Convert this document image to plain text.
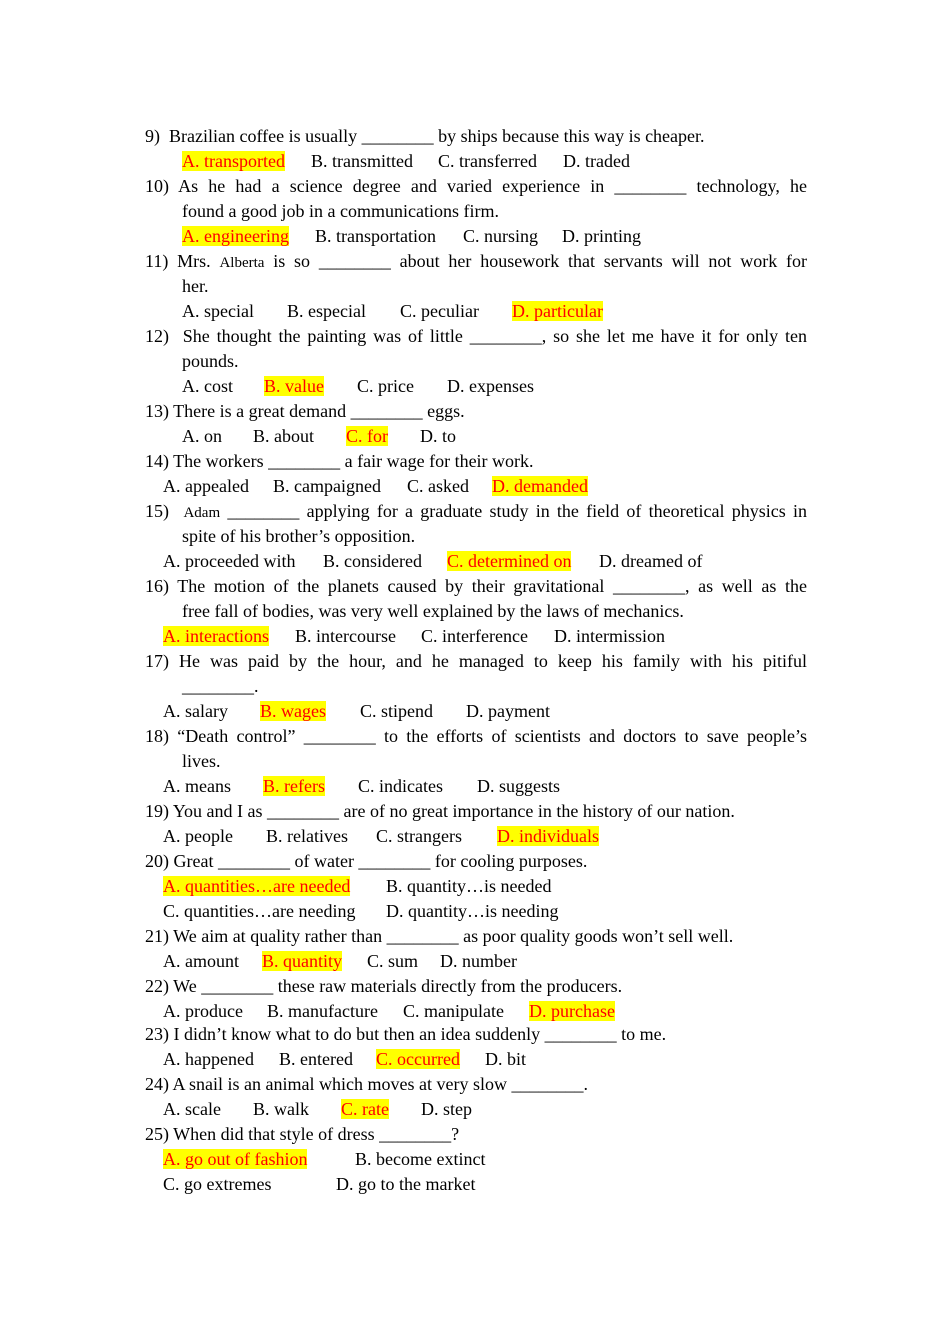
9)  Brazilian coffee is usually ________ by ships because this way is cheaper.
A. transported B. transmitted C. transferred D. traded
10) As he had a science degree and varied experience in ________ technology, he
found a good job in a communications firm.
A. engineering B. transportation C. nursing D. printing
11) Mrs. Alberta is so ________ about her housework that servants will not work for
her.
A. special B. especial C. peculiar D. particular
12)  She thought the painting was of little ________, so she let me have it for only ten
pounds.
A. cost B. value C. price D. expenses
13) There is a great demand ________ eggs.
A. on B. about C. for D. to
14) The workers ________ a fair wage for their work.
A. appealed B. campaigned C. asked D. demanded
15)  Adam ________ applying for a graduate study in the field of theoretical physics in
spite of his brother’s opposition.
A. proceeded with B. considered C. determined on D. dreamed of
16) The motion of the planets caused by their gravitational ________, as well as the
free fall of bodies, was very well explained by the laws of mechanics.
A. interactions B. intercourse C. interference D. intermission
17) He was paid by the hour, and he managed to keep his family with his pitiful
________.
A. salary B. wages C. stipend D. payment
18) “Death control” ________ to the efforts of scientists and doctors to save people’s
lives.
A. means B. refers C. indicates D. suggests
19) You and I as ________ are of no great importance in the history of our nation.
A. people B. relatives C. strangers D. individuals
20) Great ________ of water ________ for cooling purposes.
A. quantities…are needed B. quantity…is needed
C. quantities…are needing D. quantity…is needing
21) We aim at quality rather than ________ as poor quality goods won’t sell well.
A. amount B. quantity C. sum D. number
22) We ________ these raw materials directly from the producers.
A. produce B. manufacture C. manipulate D. purchase
23) I didn’t know what to do but then an idea suddenly ________ to me.
A. happened B. entered C. occurred D. bit
24) A snail is an animal which moves at very slow ________.
A. scale B. walk C. rate D. step
25) When did that style of dress ________?
A. go out of fashion	B. become extinct
C. go extremes	D. go to the market
